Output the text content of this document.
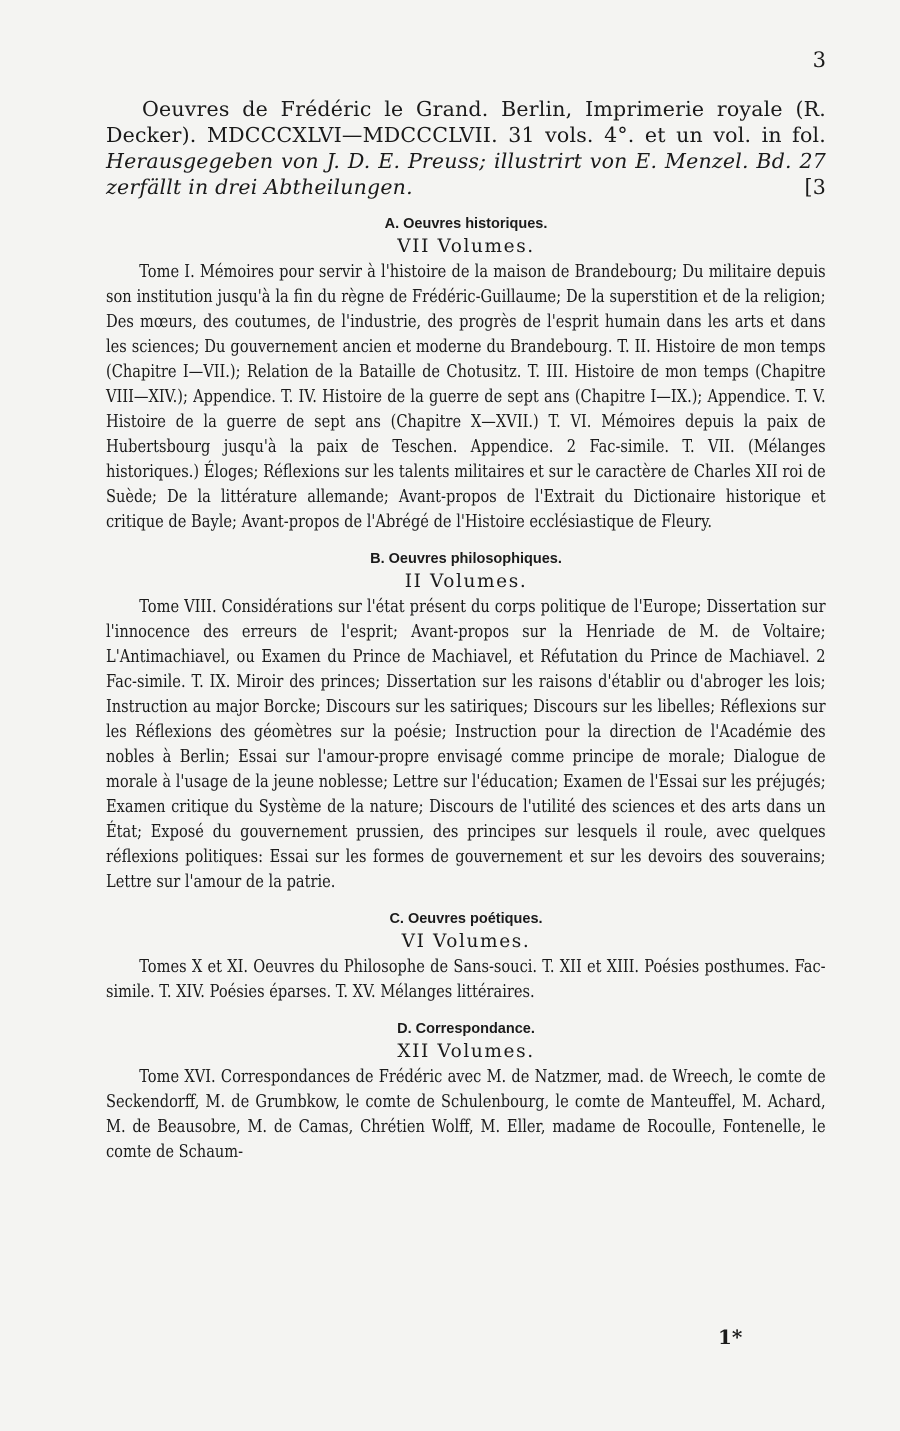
3
Oeuvres de Frédéric le Grand. Berlin, Imprimerie royale (R. Decker). MDCCCXLVI—MDCCCLVII. 31 vols. 4°. et un vol. in fol. Herausgegeben von J. D. E. Preuss; illustrirt von E. Menzel. Bd. 27 zerfällt in drei Abtheilungen.	[3
A. Oeuvres historiques.
VII Volumes.
Tome I. Mémoires pour servir à l'histoire de la maison de Brandebourg; Du militaire depuis son institution jusqu'à la fin du règne de Frédéric-Guillaume; De la superstition et de la religion; Des mœurs, des coutumes, de l'industrie, des progrès de l'esprit humain dans les arts et dans les sciences; Du gouvernement ancien et moderne du Brandebourg. T. II. Histoire de mon temps (Chapitre I—VII.); Relation de la Bataille de Chotusitz. T. III. Histoire de mon temps (Chapitre VIII—XIV.); Appendice. T. IV. Histoire de la guerre de sept ans (Chapitre I—IX.); Appendice. T. V. Histoire de la guerre de sept ans (Chapitre X—XVII.) T. VI. Mémoires depuis la paix de Hubertsbourg jusqu'à la paix de Teschen. Appendice. 2 Fac-simile. T. VII. (Mélanges historiques.) Éloges; Réflexions sur les talents militaires et sur le caractère de Charles XII roi de Suède; De la littérature allemande; Avant-propos de l'Extrait du Dictionaire historique et critique de Bayle; Avant-propos de l'Abrégé de l'Histoire ecclésiastique de Fleury.
B. Oeuvres philosophiques.
II Volumes.
Tome VIII. Considérations sur l'état présent du corps politique de l'Europe; Dissertation sur l'innocence des erreurs de l'esprit; Avant-propos sur la Henriade de M. de Voltaire; L'Antimachiavel, ou Examen du Prince de Machiavel, et Réfutation du Prince de Machiavel. 2 Fac-simile. T. IX. Miroir des princes; Dissertation sur les raisons d'établir ou d'abroger les lois; Instruction au major Borcke; Discours sur les satiriques; Discours sur les libelles; Réflexions sur les Réflexions des géomètres sur la poésie; Instruction pour la direction de l'Académie des nobles à Berlin; Essai sur l'amour-propre envisagé comme principe de morale; Dialogue de morale à l'usage de la jeune noblesse; Lettre sur l'éducation; Examen de l'Essai sur les préjugés; Examen critique du Système de la nature; Discours de l'utilité des sciences et des arts dans un État; Exposé du gouvernement prussien, des principes sur lesquels il roule, avec quelques réflexions politiques: Essai sur les formes de gouvernement et sur les devoirs des souverains; Lettre sur l'amour de la patrie.
C. Oeuvres poétiques.
VI Volumes.
Tomes X et XI. Oeuvres du Philosophe de Sans-souci. T. XII et XIII. Poésies posthumes. Fac-simile. T. XIV. Poésies éparses. T. XV. Mélanges littéraires.
D. Correspondance.
XII Volumes.
Tome XVI. Correspondances de Frédéric avec M. de Natzmer, mad. de Wreech, le comte de Seckendorff, M. de Grumbkow, le comte de Schulenbourg, le comte de Manteuffel, M. Achard, M. de Beausobre, M. de Camas, Chrétien Wolff, M. Eller, madame de Rocoulle, Fontenelle, le comte de Schaum-
1*
